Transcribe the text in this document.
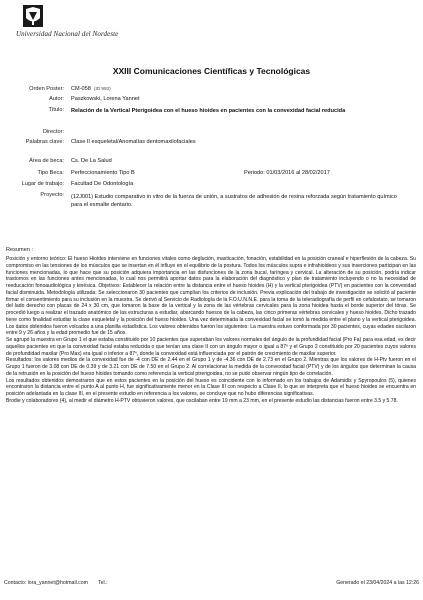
Universidad Nacional del Nordeste
XXIII Comunicaciones Científicas y Tecnológicas
Orden Poster: CM-058 (ID 993)
Autor: Paszkowski, Lorena Yannet
Título: Relación de la Vertical Pterigoidea con el hueso hioides en pacientes con la convexidad facial reducida
Director:
Palabras clave: Clase II esqueletal/Anomalías dentomaxilofaciales
Área de beca: Cs. De La Salud
Tipo Beca: Perfeccionamiento Tipo B	Periodo: 01/03/2016 al 28/02/2017
Lugar de trabajo: Facultad De Odontología
Proyecto: (12J001) Estudio comparativo in vitro de la fuerza de unión, a sustratos de adhesión de resina reforzada según tratamiento químico para el esmalte dentario.
Resumen :

Posición y entorno teórico: El hueso Hioides interviene en funciones vitales como deglución, masticación, fonación, estabilidad en la posición craneal e hiperflexión de la cabeza. Su compromiso en las tensiones de los músculos que se insertan en él influye en el equilibrio de la postura. Todos los músculos supra e infrahioideos y sus inserciones participan en las funciones mencionadas, lo que hace que su posición adquiera importancia en las disfunciones de la zona bucal, faríngea y cervical. La alteración de su posición, podría indicar trastornos en las funciones antes mencionadas, lo cual nos permitirá aportar datos para la elaboración del diagnóstico y plan de tratamiento incluyendo o no la necesidad de reeducación fonoaudiológica y kinésica. Objetivos: Establecer la relación entre la distancia entre el hueso hioides (H) y la vertical pterigoidea (PTV) en pacientes con la convexidad facial disminuida. Metodología utilizada: Se seleccionaron 30 pacientes que cumplían los criterios de inclusión. Previa explicación del trabajo de investigación se solicitó al paciente firmar el consentimiento para su inclusión en la muestra. Se derivó al Servicio de Radiología de la F.O.U.N.N.E. para la toma de la teleradiografía de perfil en cefalostato, se tomaron del lado derecho con placas de 24 x 30 cm, que tomaron la base de la vertical y la zona de las vértebras cervicales para la zona hioidea hasta el borde superior del tórax. Se procedió luego a realizar el trazado anatómico de las estructuras a estudiar, abarcando huesos de la cabeza, las cinco primeras vértebras cervicales y hueso hioides. Dicho trazado tiene como finalidad estudiar la clase esqueletal y la posición del hueso hioides. Una vez determinada la convexidad facial se tomó la medida entre el plano y la vertical pterigoidea. Los datos obtenidos fueron volcados a una planilla estadística. Los valores obtenidos fueron los siguientes: La muestra estuvo conformada por 30 pacientes, cuyas edades oscilaron entre 9 y 26 años y la edad promedio fue de 15 años.

Se agrupó la muestra en Grupo 1 el que estaba constituido por 10 pacientes que superaban los valores normales del ángulo de la profundidad facial (Pro Fa) para esa edad, es decir aquellos pacientes en que la convexidad facial estaba reducida o que tenían una clase II con un ángulo mayor o igual a 87º y el Grupo 2 constituido por 20 pacientes cuyos valores de profundidad maxilar (Pro Max) era igual o inferior a 87º, donde la convexidad está influenciada por el patrón de crecimiento de maxilar superior.

Resultados: los valores medios de la convexidad fue de -4 con DE de 2.44 en el Grupo 1 y de -4.36 con DE de 2.73 en el Grupo 2. Mientras que los valores de H-Ptv fueron en el Grupo 1 fueron de 3.08 con DE de 0.39 y de 3.21 con DE de 7.50 en el Grupo 2. Al correlacionar la medida de la convexidad facial (PTV) y de los ángulos que determinan la causa de la retrusión en la posición del hueso hioides tomando como referencia la vertical ptrerigoidea, no se pudo observar ningún tipo de correlación.

Los resultados obtenidos demostraron que en estos pacientes en la posición del hueso es coincidente con lo informado en los trabajos de Adamidis y Spyropoulos (5), quienes encontraron la distancia entre el punto A al punto H, fue significativamente menor en la Clase III con respecto a Clase II, lo que se interpreta que el hueso hioides se encuentra en posición adelantada en la clase III, en el presente estudio en referencia a los valores, se concluye que no hubo diferencias significativas.

Brodie y colaboradores (4), al medir el diámetro H-PTV obtuvieron valores, que oscilaban entre 19 mm a 23 mm, en el presente estudio las distancias fueron entre 3.5 y 5.78.

Contacto: lora_yannet@hotmail.com Tel.:	Generado el 23/04/2024 a las 12:26
